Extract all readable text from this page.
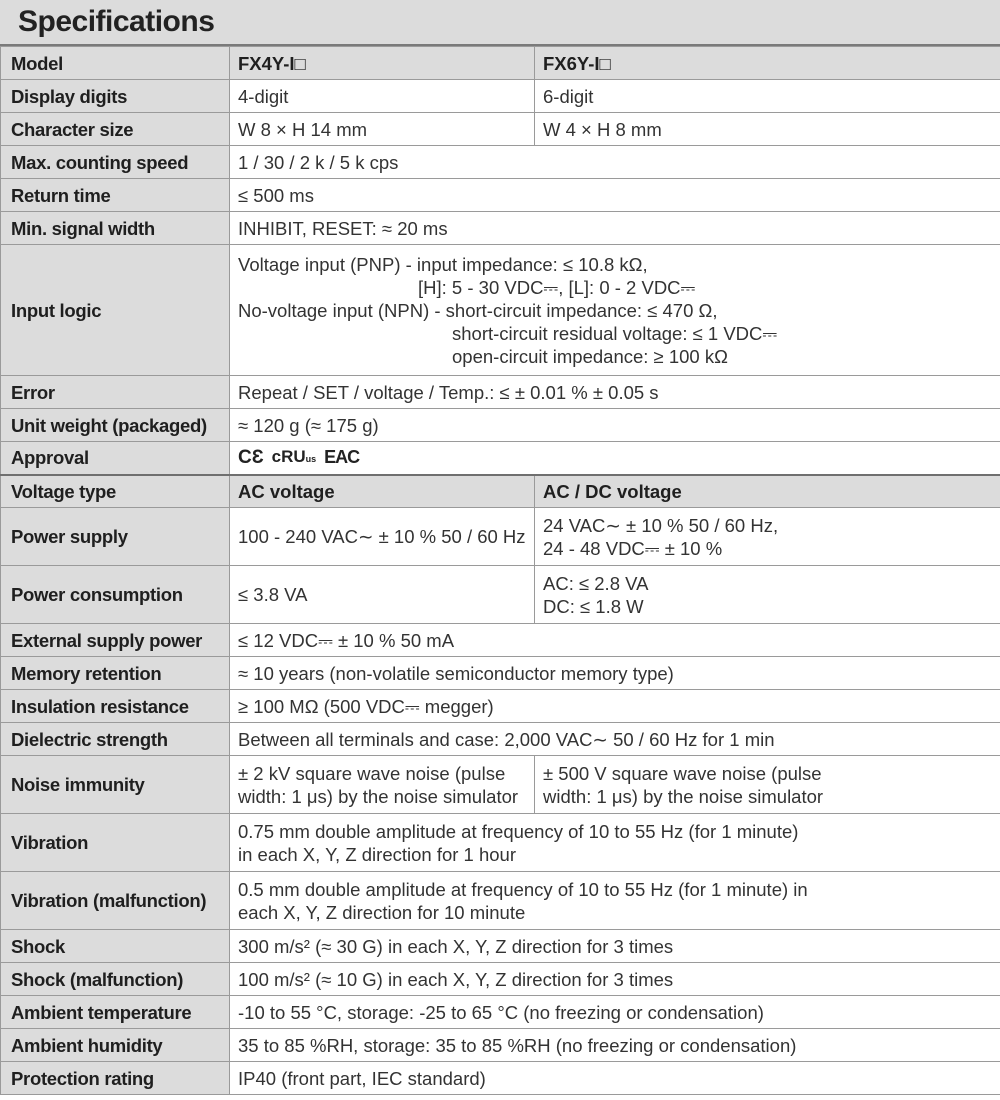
Specifications
Model	FX4Y-I□	FX6Y-I□
Display digits	4-digit	6-digit
Character size	W 8 × H 14 mm	W 4 × H 8 mm
Max. counting speed	1 / 30 / 2 k / 5 k cps	
Return time	≤ 500 ms	
Min. signal width	INHIBIT, RESET: ≈ 20 ms	
Input logic	Voltage input (PNP) - input impedance: ≤ 10.8 kΩ,
[H]: 5 - 30 VDC⎓, [L]: 0 - 2 VDC⎓
No-voltage input (NPN) - short-circuit impedance: ≤ 470 Ω,
short-circuit residual voltage: ≤ 1 VDC⎓
open-circuit impedance: ≥ 100 kΩ	

Error	Repeat / SET / voltage / Temp.: ≤ ± 0.01 % ± 0.05 s	
Unit weight (packaged)	≈ 120 g (≈ 175 g)	
Approval	CƐ cRU us EAC	

Voltage type	AC voltage	AC / DC voltage
Power supply	100 - 240 VAC∼ ± 10 % 50 / 60 Hz	24 VAC∼ ± 10 % 50 / 60 Hz,
24 - 48 VDC⎓ ± 10 %

Power consumption	≤ 3.8 VA	AC: ≤ 2.8 VA
DC: ≤ 1.8 W

External supply power	≤ 12 VDC⎓ ± 10 % 50 mA	
Memory retention	≈ 10 years (non-volatile semiconductor memory type)	
Insulation resistance	≥ 100 MΩ (500 VDC⎓ megger)	
Dielectric strength	Between all terminals and case: 2,000 VAC∼ 50 / 60 Hz for 1 min	
Noise immunity	± 2 kV square wave noise (pulse
width: 1 μs) by the noise simulator	± 500 V square wave noise (pulse
width: 1 μs) by the noise simulator

Vibration	0.75 mm double amplitude at frequency of 10 to 55 Hz (for 1 minute)
in each X, Y, Z direction for 1 hour	

Vibration (malfunction)	0.5 mm double amplitude at frequency of 10 to 55 Hz (for 1 minute) in
each X, Y, Z direction for 10 minute	

Shock	300 m/s² (≈ 30 G) in each X, Y, Z direction for 3 times	
Shock (malfunction)	100 m/s² (≈ 10 G) in each X, Y, Z direction for 3 times	
Ambient temperature	-10 to 55 °C, storage: -25 to 65 °C (no freezing or condensation)	
Ambient humidity	35 to 85 %RH, storage: 35 to 85 %RH (no freezing or condensation)	
Protection rating	IP40 (front part, IEC standard)	
